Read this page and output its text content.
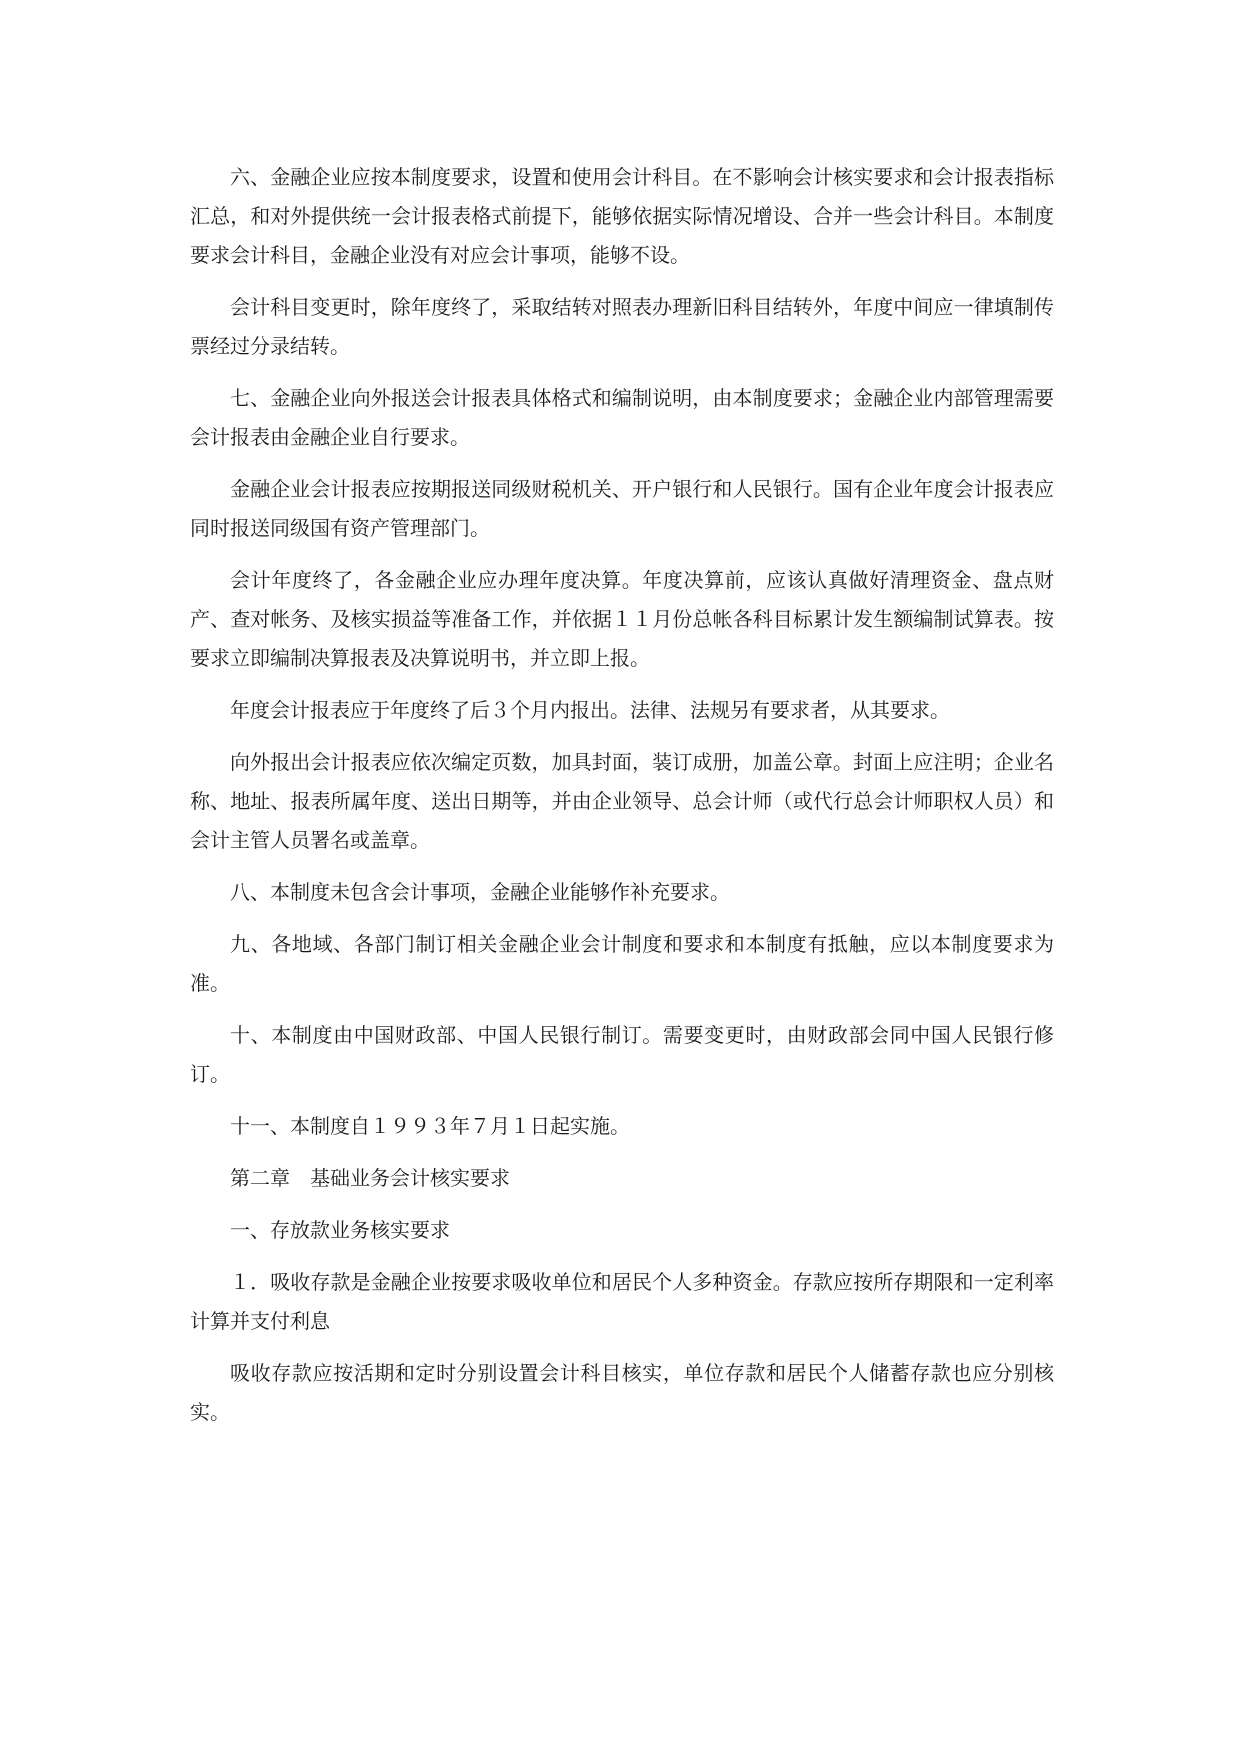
六、金融企业应按本制度要求，设置和使用会计科目。在不影响会计核实要求和会计报表指标汇总，和对外提供统一会计报表格式前提下，能够依据实际情况增设、合并一些会计科目。本制度要求会计科目，金融企业没有对应会计事项，能够不设。

会计科目变更时，除年度终了，采取结转对照表办理新旧科目结转外，年度中间应一律填制传票经过分录结转。

七、金融企业向外报送会计报表具体格式和编制说明，由本制度要求；金融企业内部管理需要会计报表由金融企业自行要求。

金融企业会计报表应按期报送同级财税机关、开户银行和人民银行。国有企业年度会计报表应同时报送同级国有资产管理部门。

会计年度终了，各金融企业应办理年度决算。年度决算前，应该认真做好清理资金、盘点财产、查对帐务、及核实损益等准备工作，并依据１１月份总帐各科目标累计发生额编制试算表。按要求立即编制决算报表及决算说明书，并立即上报。

年度会计报表应于年度终了后３个月内报出。法律、法规另有要求者，从其要求。

向外报出会计报表应依次编定页数，加具封面，装订成册，加盖公章。封面上应注明；企业名称、地址、报表所属年度、送出日期等，并由企业领导、总会计师（或代行总会计师职权人员）和会计主管人员署名或盖章。

八、本制度未包含会计事项，金融企业能够作补充要求。

九、各地域、各部门制订相关金融企业会计制度和要求和本制度有抵触，应以本制度要求为准。

十、本制度由中国财政部、中国人民银行制订。需要变更时，由财政部会同中国人民银行修订。

十一、本制度自１９９３年７月１日起实施。

第二章　基础业务会计核实要求

一、存放款业务核实要求

１．吸收存款是金融企业按要求吸收单位和居民个人多种资金。存款应按所存期限和一定利率计算并支付利息

吸收存款应按活期和定时分别设置会计科目核实，单位存款和居民个人储蓄存款也应分别核实。
